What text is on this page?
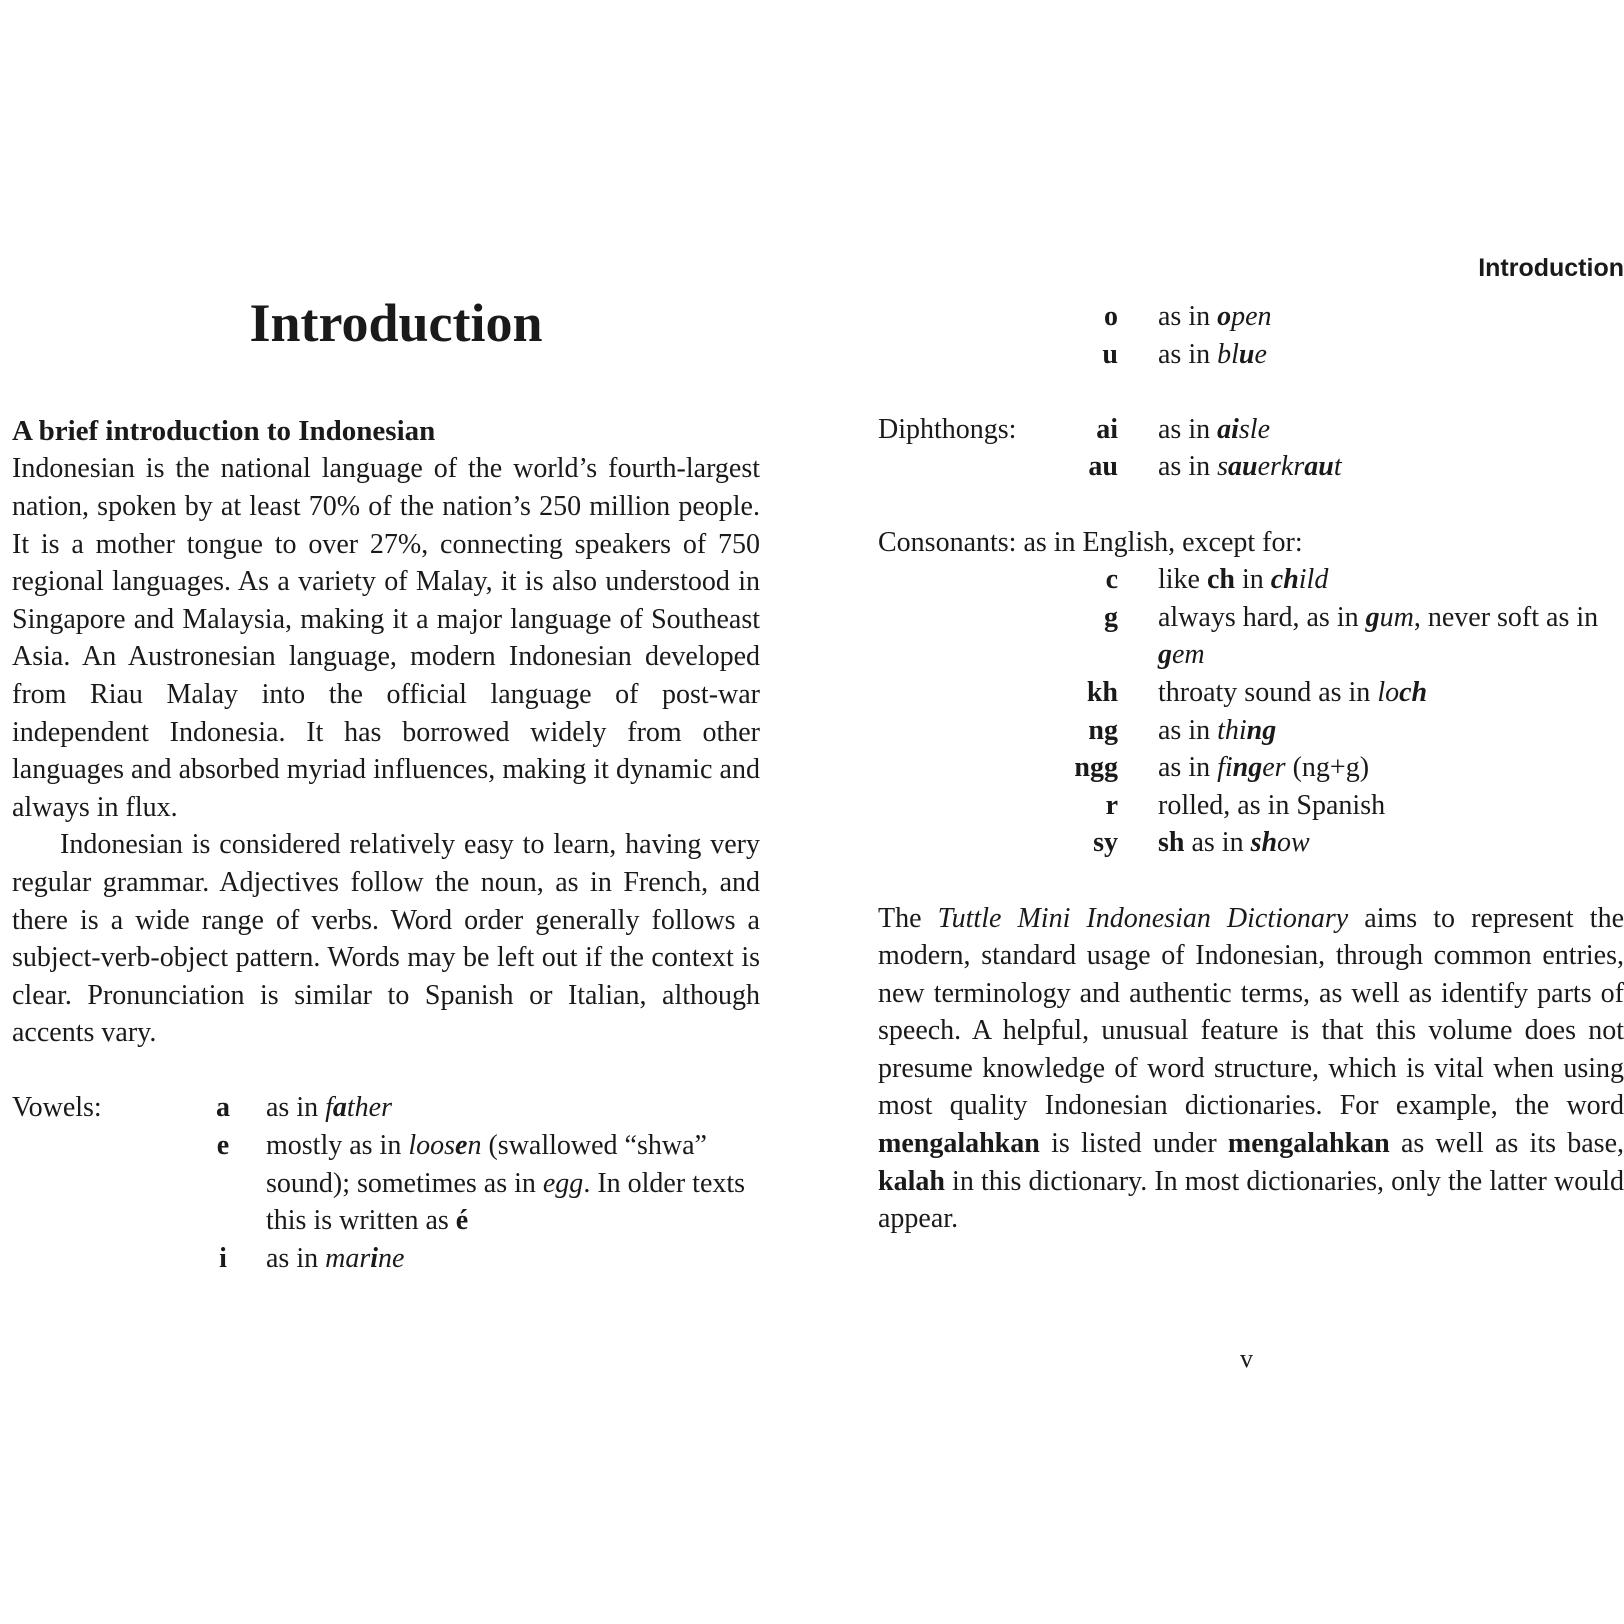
Introduction
A brief introduction to Indonesian

Indonesian is the national language of the world’s fourth-largest nation, spoken by at least 70% of the nation’s 250 million people. It is a mother tongue to over 27%, connecting speakers of 750 regional languages. As a variety of Malay, it is also understood in Singapore and Malaysia, making it a major language of Southeast Asia. An Austronesian language, modern Indonesian developed from Riau Malay into the official language of post-war independent Indonesia. It has borrowed widely from other languages and absorbed myriad influences, making it dynamic and always in flux.

Indonesian is considered relatively easy to learn, having very regular grammar. Adjectives follow the noun, as in French, and there is a wide range of verbs. Word order generally follows a subject-verb-object pattern. Words may be left out if the context is clear. Pronunciation is similar to Spanish or Italian, although accents vary.

Vowels:	a		as in father
	e		mostly as in loosen (swallowed “shwa” sound); sometimes as in egg. In older texts this is written as é
	i		as in marine
Introduction
	o		as in open
	u		as in blue

Diphthongs:	ai		as in aisle
	au		as in sauerkraut

Consonants: as in English, except for:

	c		like ch in child
	g		always hard, as in gum, never soft as in gem
	kh		throaty sound as in loch
	ng		as in thing
	ngg		as in finger (ng+g)
	r		rolled, as in Spanish
	sy		sh as in show

The Tuttle Mini Indonesian Dictionary aims to represent the modern, standard usage of Indonesian, through common entries, new terminology and authentic terms, as well as identify parts of speech. A helpful, unusual feature is that this volume does not presume knowledge of word structure, which is vital when using most quality Indonesian dictionaries. For example, the word mengalahkan is listed under mengalahkan as well as its base, kalah in this dictionary. In most dictionaries, only the latter would appear.

v
